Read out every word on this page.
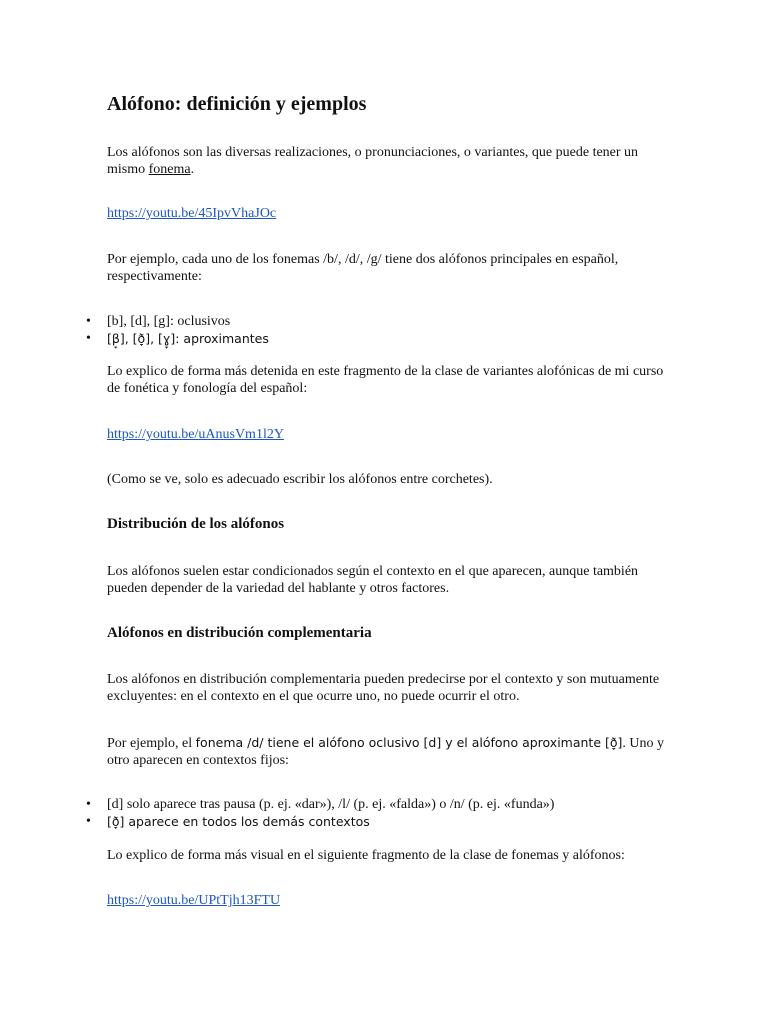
Alófono: definición y ejemplos

Los alófonos son las diversas realizaciones, o pronunciaciones, o variantes, que puede tener un mismo fonema.

https://youtu.be/45IpvVhaJOc

Por ejemplo, cada uno de los fonemas /b/, /d/, /g/ tiene dos alófonos principales en español, respectivamente:

• [b], [d], [g]: oclusivos
• [β̞], [ð̞], [ɣ̞]: aproximantes

Lo explico de forma más detenida en este fragmento de la clase de variantes alofónicas de mi curso de fonética y fonología del español:

https://youtu.be/uAnusVm1l2Y

(Como se ve, solo es adecuado escribir los alófonos entre corchetes).

Distribución de los alófonos

Los alófonos suelen estar condicionados según el contexto en el que aparecen, aunque también pueden depender de la variedad del hablante y otros factores.

Alófonos en distribución complementaria

Los alófonos en distribución complementaria pueden predecirse por el contexto y son mutuamente excluyentes: en el contexto en el que ocurre uno, no puede ocurrir el otro.

Por ejemplo, el fonema /d/ tiene el alófono oclusivo [d] y el alófono aproximante [ð̞]. Uno y otro aparecen en contextos fijos:

• [d] solo aparece tras pausa (p. ej. «dar»), /l/ (p. ej. «falda») o /n/ (p. ej. «funda»)
• [ð̞] aparece en todos los demás contextos

Lo explico de forma más visual en el siguiente fragmento de la clase de fonemas y alófonos:

https://youtu.be/UPtTjh13FTU
